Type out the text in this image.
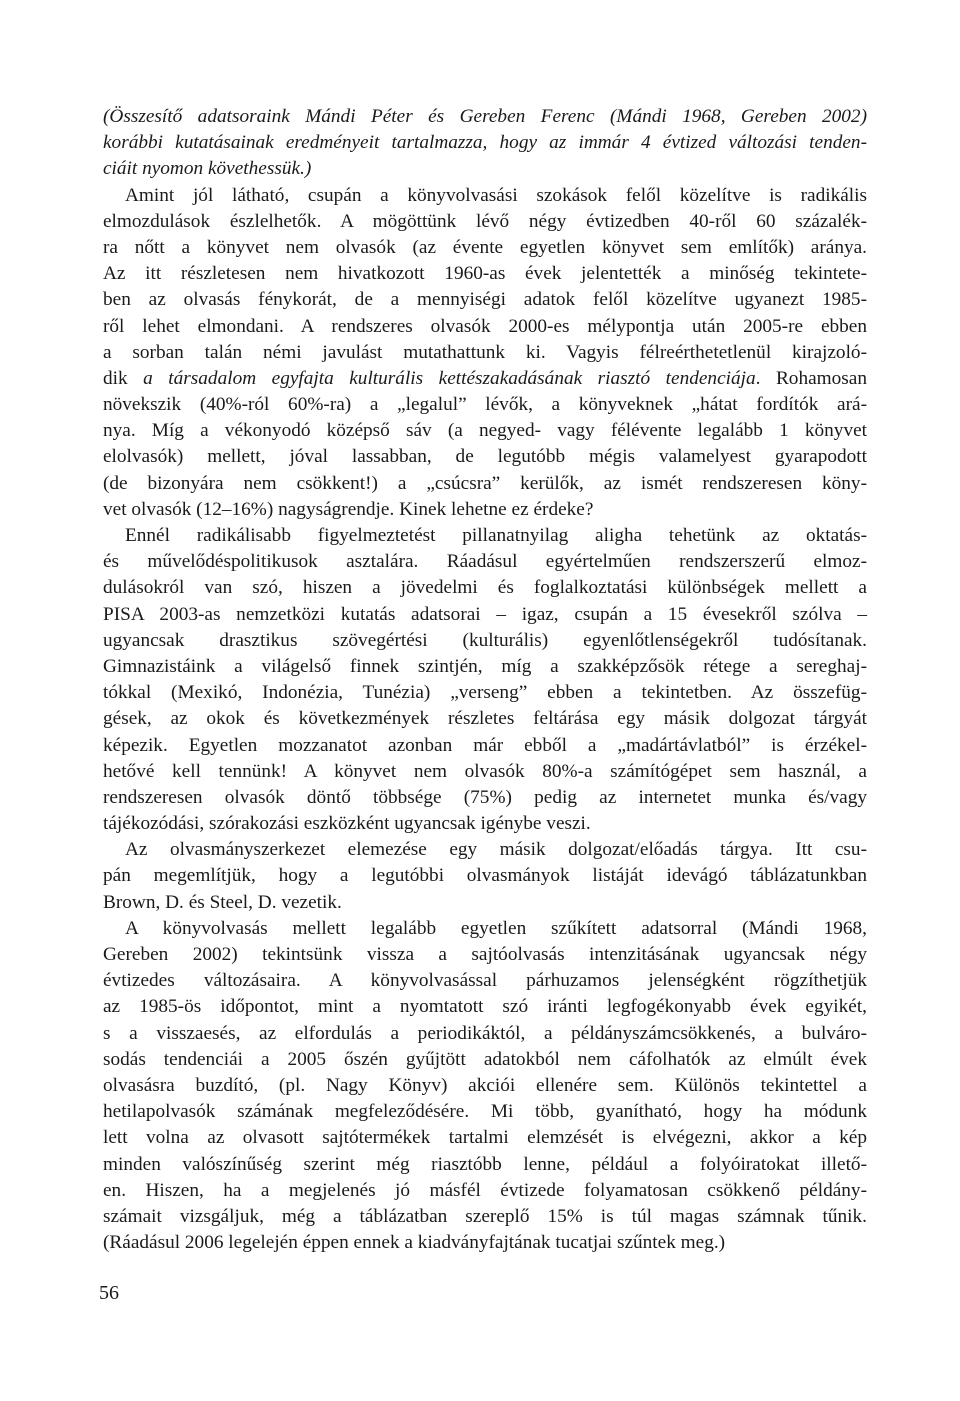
(Összesítő adatsoraink Mándi Péter és Gereben Ferenc (Mándi 1968, Gereben 2002)
korábbi kutatásainak eredményeit tartalmazza, hogy az immár 4 évtized változási tenden-
ciáit nyomon követhessük.)
Amint jól látható, csupán a könyvolvasási szokások felől közelítve is radikális
elmozdulások észlelhetők. A mögöttünk lévő négy évtizedben 40-ről 60 százalék-
ra nőtt a könyvet nem olvasók (az évente egyetlen könyvet sem említők) aránya.
Az itt részletesen nem hivatkozott 1960-as évek jelentették a minőség tekintete-
ben az olvasás fénykorát, de a mennyiségi adatok felől közelítve ugyanezt 1985-
ről lehet elmondani. A rendszeres olvasók 2000-es mélypontja után 2005-re ebben
a sorban talán némi javulást mutathattunk ki. Vagyis félreérthetetlenül kirajzoló-
dik a társadalom egyfajta kulturális kettészakadásának riasztó tendenciája. Rohamosan
növekszik (40%-ról 60%-ra) a „legalul” lévők, a könyveknek „hátat fordítók ará-
nya. Míg a vékonyodó középső sáv (a negyed- vagy félévente legalább 1 könyvet
elolvasók) mellett, jóval lassabban, de legutóbb mégis valamelyest gyarapodott
(de bizonyára nem csökkent!) a „csúcsra” kerülők, az ismét rendszeresen köny-
vet olvasók (12–16%) nagyságrendje. Kinek lehetne ez érdeke?
Ennél radikálisabb figyelmeztetést pillanatnyilag aligha tehetünk az oktatás-
és művelődéspolitikusok asztalára. Ráadásul egyértelműen rendszerszerű elmoz-
dulásokról van szó, hiszen a jövedelmi és foglalkoztatási különbségek mellett a
PISA 2003-as nemzetközi kutatás adatsorai – igaz, csupán a 15 évesekről szólva –
ugyancsak drasztikus szövegértési (kulturális) egyenlőtlenségekről tudósítanak.
Gimnazistáink a világelső finnek szintjén, míg a szakképzősök rétege a sereghaj-
tókkal (Mexikó, Indonézia, Tunézia) „verseng” ebben a tekintetben. Az összefüg-
gések, az okok és következmények részletes feltárása egy másik dolgozat tárgyát
képezik. Egyetlen mozzanatot azonban már ebből a „madártávlatból” is érzékel-
hetővé kell tennünk! A könyvet nem olvasók 80%-a számítógépet sem használ, a
rendszeresen olvasók döntő többsége (75%) pedig az internetet munka és/vagy
tájékozódási, szórakozási eszközként ugyancsak igénybe veszi.
Az olvasmányszerkezet elemezése egy másik dolgozat/előadás tárgya. Itt csu-
pán megemlítjük, hogy a legutóbbi olvasmányok listáját idevágó táblázatunkban
Brown, D. és Steel, D. vezetik.
A könyvolvasás mellett legalább egyetlen szűkített adatsorral (Mándi 1968,
Gereben 2002) tekintsünk vissza a sajtóolvasás intenzitásának ugyancsak négy
évtizedes változásaira. A könyvolvasással párhuzamos jelenségként rögzíthetjük
az 1985-ös időpontot, mint a nyomtatott szó iránti legfogékonyabb évek egyikét,
s a visszaesés, az elfordulás a periodikáktól, a példányszámcsökkenés, a bulváro-
sodás tendenciái a 2005 őszén gyűjtött adatokból nem cáfolhatók az elmúlt évek
olvasásra buzdító, (pl. Nagy Könyv) akciói ellenére sem. Különös tekintettel a
hetilapolvasók számának megfeleződésére. Mi több, gyanítható, hogy ha módunk
lett volna az olvasott sajtótermékek tartalmi elemzését is elvégezni, akkor a kép
minden valószínűség szerint még riasztóbb lenne, például a folyóiratokat illető-
en. Hiszen, ha a megjelenés jó másfél évtizede folyamatosan csökkenő példány-
számait vizsgáljuk, még a táblázatban szereplő 15% is túl magas számnak tűnik.
(Ráadásul 2006 legelején éppen ennek a kiadványfajtának tucatjai szűntek meg.)
56
